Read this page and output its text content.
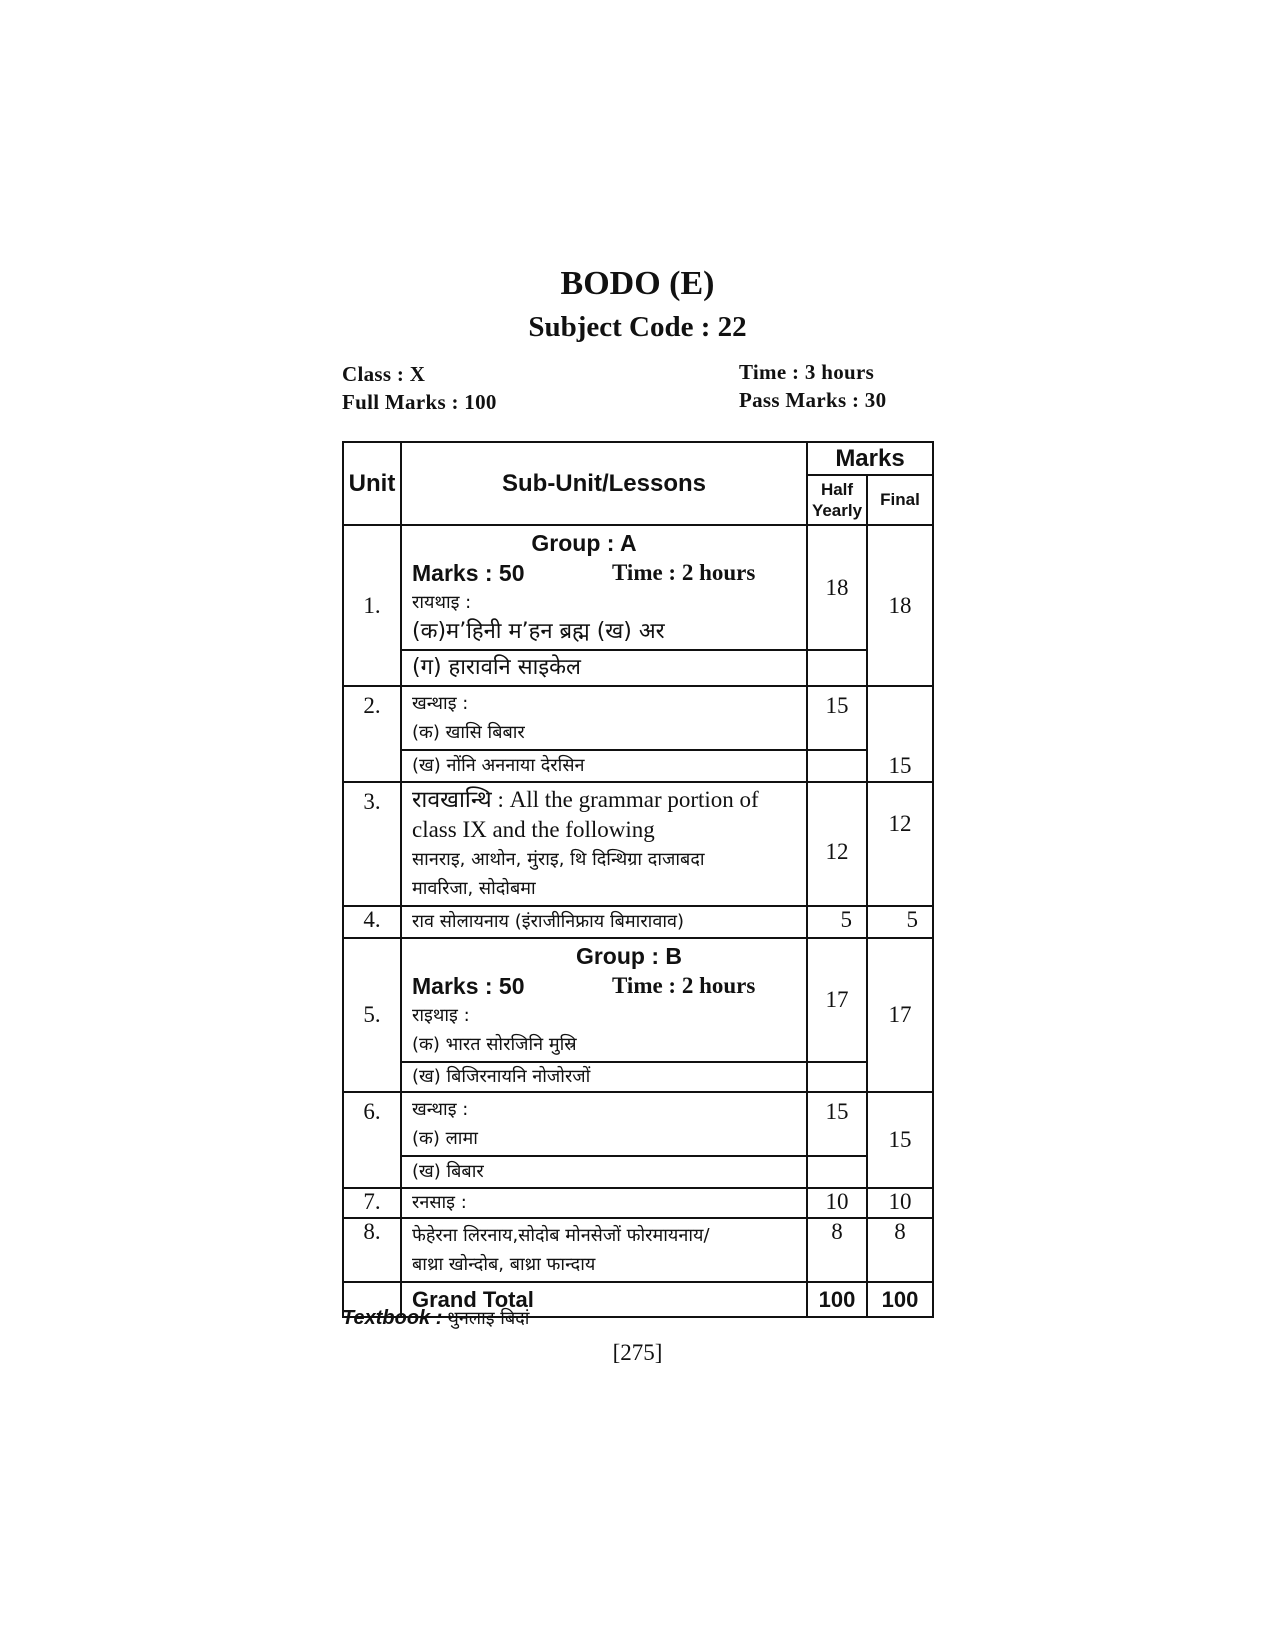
BODO (E)
Subject Code : 22
Class : X
Full Marks : 100
Time : 3 hours
Pass Marks : 30
Unit	Sub-Unit/Lessons	Marks	
		Half Yearly	Final
1.	Group : A
Marks : 50 Time : 2 hours
रायथाइ :
(क)म’हिनी म’हन ब्रह्म (ख) अर	18	18

	(ग) हारावनि साइकेल		

2.	खन्थाइ :
(क) खासि बिबार	15	15

	(ख) नोंनि अननाया देरसिन		

3.	रावखान्थि : All the grammar portion of
class IX and the following
सानराइ, आथोन, मुंराइ, थि दिन्थिग्रा दाजाबदा
मावरिजा, सोदोबमा	12	12
4.	राव सोलायनाय (इंराजीनिफ्राय बिमारावाव)	5	5
5.	Group : B
Marks : 50 Time : 2 hours
राइथाइ :
(क) भारत सोरजिनि मुस्रि	17	17

	(ख) बिजिरनायनि नोजोरजों		

6.	खन्थाइ :
(क) लामा	15	15

	(ख) बिबार		

7.	रनसाइ :	10	10
8.	फेहेरना लिरनाय,सोदोब मोनसेजों फोरमायनाय/
बाथ्रा खोन्दोब, बाथ्रा फान्दाय	8	8
	Grand Total	100	100
Textbook : थुनलाइ बिदां
[275]
